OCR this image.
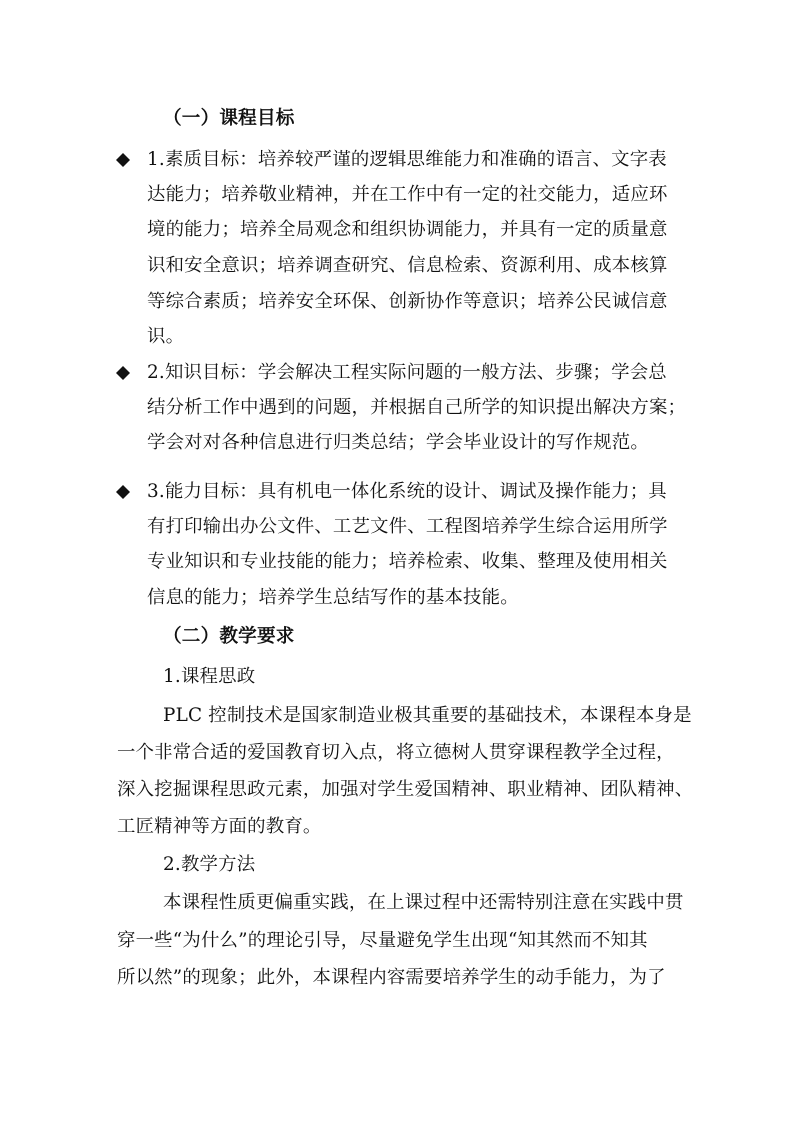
（一）课程目标
1.素质目标：培养较严谨的逻辑思维能力和准确的语言、文字表
达能力；培养敬业精神，并在工作中有一定的社交能力，适应环
境的能力；培养全局观念和组织协调能力，并具有一定的质量意
识和安全意识；培养调查研究、信息检索、资源利用、成本核算
等综合素质；培养安全环保、创新协作等意识；培养公民诚信意
识。
2.知识目标：学会解决工程实际问题的一般方法、步骤；学会总
结分析工作中遇到的问题，并根据自己所学的知识提出解决方案；
学会对对各种信息进行归类总结；学会毕业设计的写作规范。
3.能力目标：具有机电一体化系统的设计、调试及操作能力；具
有打印输出办公文件、工艺文件、工程图培养学生综合运用所学
专业知识和专业技能的能力；培养检索、收集、整理及使用相关
信息的能力；培养学生总结写作的基本技能。
（二）教学要求
1.课程思政
PLC 控制技术是国家制造业极其重要的基础技术，本课程本身是
一个非常合适的爱国教育切入点，将立德树人贯穿课程教学全过程，
深入挖掘课程思政元素，加强对学生爱国精神、职业精神、团队精神、
工匠精神等方面的教育。
2.教学方法
本课程性质更偏重实践，在上课过程中还需特别注意在实践中贯
穿一些“为什么”的理论引导，尽量避免学生出现“知其然而不知其
所以然”的现象；此外，本课程内容需要培养学生的动手能力，为了
